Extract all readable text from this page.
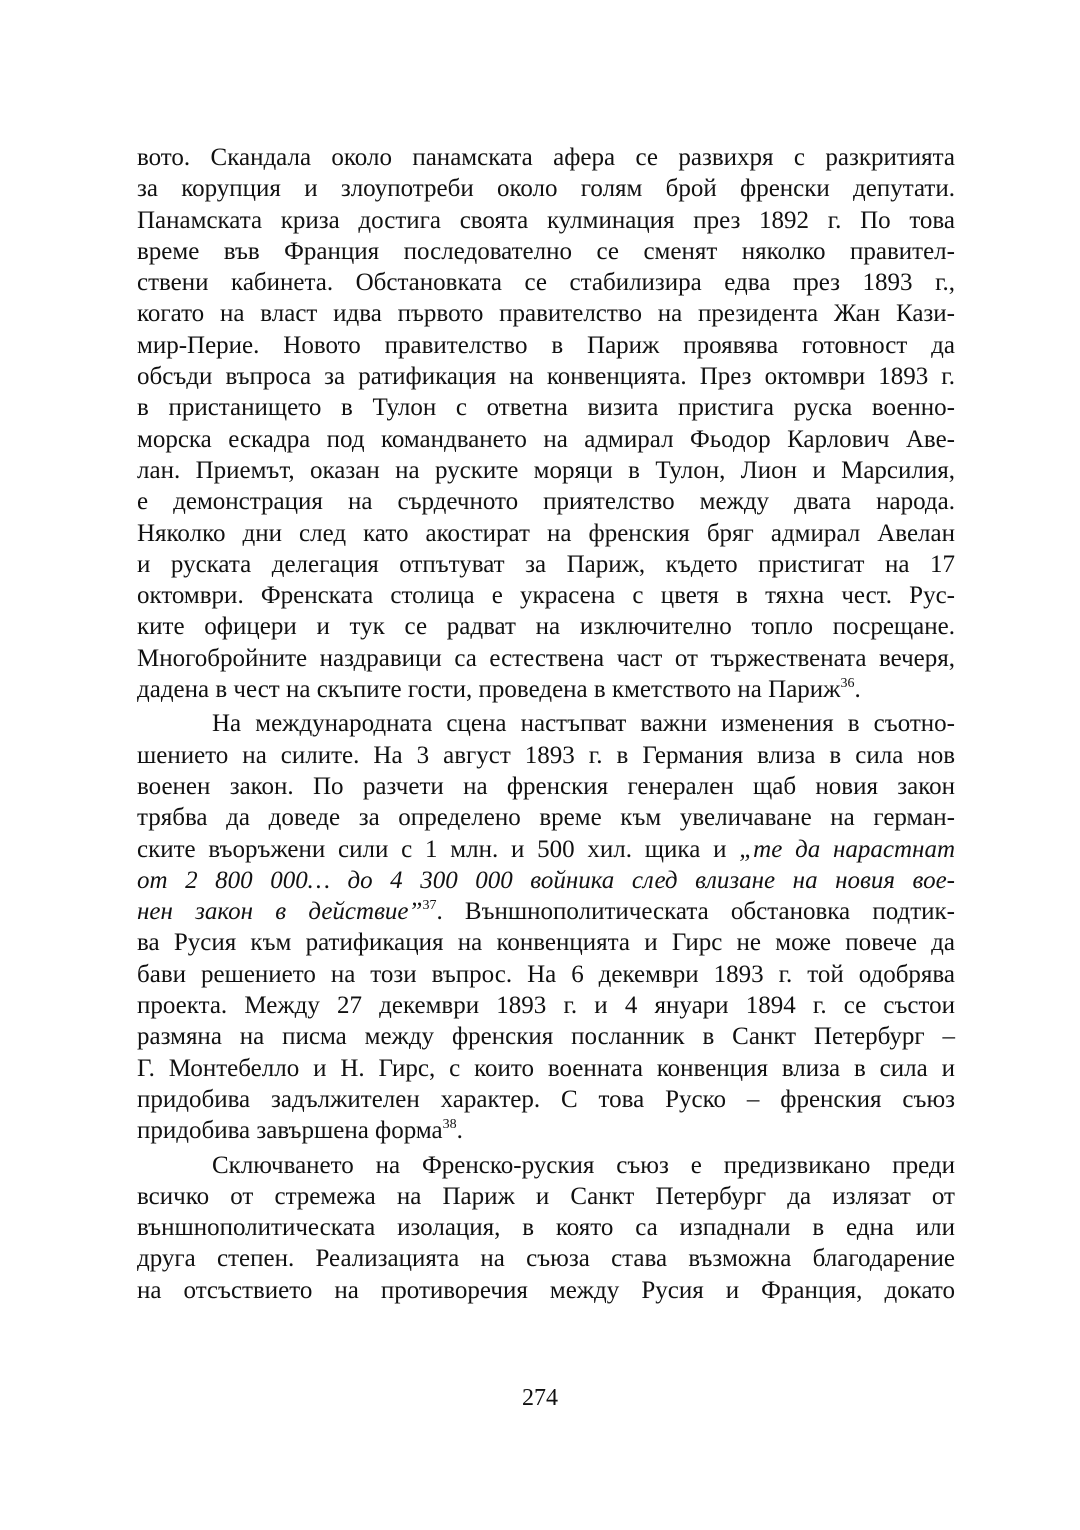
вото. Скандала около панамската афера се развихря с разкритията
за корупция и злоупотреби около голям брой френски депутати.
Панамската криза достига своята кулминация през 1892 г. По това
време във Франция последователно се сменят няколко правител-
ствени кабинета. Обстановката се стабилизира едва през 1893 г.,
когато на власт идва първото правителство на президента Жан Кази-
мир-Перие. Новото правителство в Париж проявява готовност да
обсъди въпроса за ратификация на конвенцията. През октомври 1893 г.
в пристанището в Тулон с ответна визита пристига руска военно-
морска ескадра под командването на адмирал Фьодор Карлович Аве-
лан. Приемът, оказан на руските моряци в Тулон, Лион и Марсилия,
е демонстрация на сърдечното приятелство между двата народа.
Няколко дни след като акостират на френския бряг адмирал Авелан
и руската делегация отпътуват за Париж, където пристигат на 17
октомври. Френската столица е украсена с цветя в тяхна чест. Рус-
ките офицери и тук се радват на изключително топло посрещане.
Многобройните наздравици са естествена част от тържествената вечеря,
дадена в чест на скъпите гости, проведена в кметството на Париж$^{36}$.
На международната сцена настъпват важни изменения в съотно-
шението на силите. На 3 август 1893 г. в Германия влиза в сила нов
военен закон. По разчети на френския генерален щаб новия закон
трябва да доведе за определено време към увеличаване на герман-
ските въоръжени сили с 1 млн. и 500 хил. щика и „те да нарастнат
от 2 800 000… до 4 300 000 войника след влизане на новия вое-
нен закон в действие”$^{37}$. Външнополитическата обстановка подтик-
ва Русия към ратификация на конвенцията и Гирс не може повече да
бави решението на този въпрос. На 6 декември 1893 г. той одобрява
проекта. Между 27 декември 1893 г. и 4 януари 1894 г. се състои
размяна на писма между френския посланник в Санкт Петербург –
Г. Монтебелло и Н. Гирс, с които военната конвенция влиза в сила и
придобива задължителен характер. С това Руско – френския съюз
придобива завършена форма$^{38}$.
Сключването на Френско-руския съюз е предизвикано преди
всичко от стремежа на Париж и Санкт Петербург да излязат от
външнополитическата изолация, в която са изпаднали в една или
друга степен. Реализацията на съюза става възможна благодарение
на отсъствието на противоречия между Русия и Франция, докато
274
